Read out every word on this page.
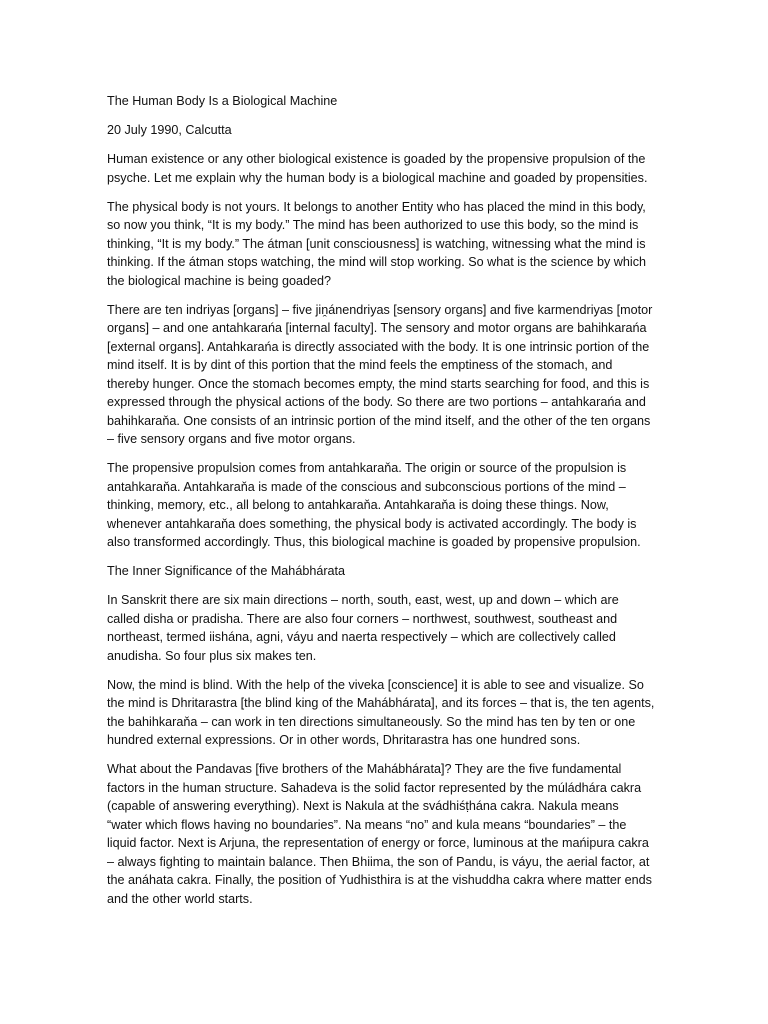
The Human Body Is a Biological Machine

20 July 1990, Calcutta

Human existence or any other biological existence is goaded by the propensive propulsion of the psyche. Let me explain why the human body is a biological machine and goaded by propensities.

The physical body is not yours. It belongs to another Entity who has placed the mind in this body, so now you think, “It is my body.” The mind has been authorized to use this body, so the mind is thinking, “It is my body.” The átman [unit consciousness] is watching, witnessing what the mind is thinking. If the átman stops watching, the mind will stop working. So what is the science by which the biological machine is being goaded?

There are ten indriyas [organs] – five jiṋánendriyas [sensory organs] and five karmendriyas [motor organs] – and one antahkarańa [internal faculty]. The sensory and motor organs are bahihkarańa [external organs]. Antahkarańa is directly associated with the body. It is one intrinsic portion of the mind itself. It is by dint of this portion that the mind feels the emptiness of the stomach, and thereby hunger. Once the stomach becomes empty, the mind starts searching for food, and this is expressed through the physical actions of the body. So there are two portions – antahkarańa and bahihkaraňa. One consists of an intrinsic portion of the mind itself, and the other of the ten organs – five sensory organs and five motor organs.

The propensive propulsion comes from antahkaraňa. The origin or source of the propulsion is antahkaraňa. Antahkaraňa is made of the conscious and subconscious portions of the mind – thinking, memory, etc., all belong to antahkaraňa. Antahkaraňa is doing these things. Now, whenever antahkaraňa does something, the physical body is activated accordingly. The body is also transformed accordingly. Thus, this biological machine is goaded by propensive propulsion.

The Inner Significance of the Mahábhárata

In Sanskrit there are six main directions – north, south, east, west, up and down – which are called disha or pradisha. There are also four corners – northwest, southwest, southeast and northeast, termed iishána, agni, váyu and naerta respectively – which are collectively called anudisha. So four plus six makes ten.

Now, the mind is blind. With the help of the viveka [conscience] it is able to see and visualize. So the mind is Dhritarastra [the blind king of the Mahábhárata], and its forces – that is, the ten agents, the bahihkaraňa – can work in ten directions simultaneously. So the mind has ten by ten or one hundred external expressions. Or in other words, Dhritarastra has one hundred sons.

What about the Pandavas [five brothers of the Mahábhárata]? They are the five fundamental factors in the human structure. Sahadeva is the solid factor represented by the múládhára cakra (capable of answering everything). Next is Nakula at the svádhiśṭhána cakra. Nakula means “water which flows having no boundaries”. Na means “no” and kula means “boundaries” – the liquid factor. Next is Arjuna, the representation of energy or force, luminous at the mańipura cakra – always fighting to maintain balance. Then Bhiima, the son of Pandu, is váyu, the aerial factor, at the anáhata cakra. Finally, the position of Yudhisthira is at the vishuddha cakra where matter ends and the other world starts.
